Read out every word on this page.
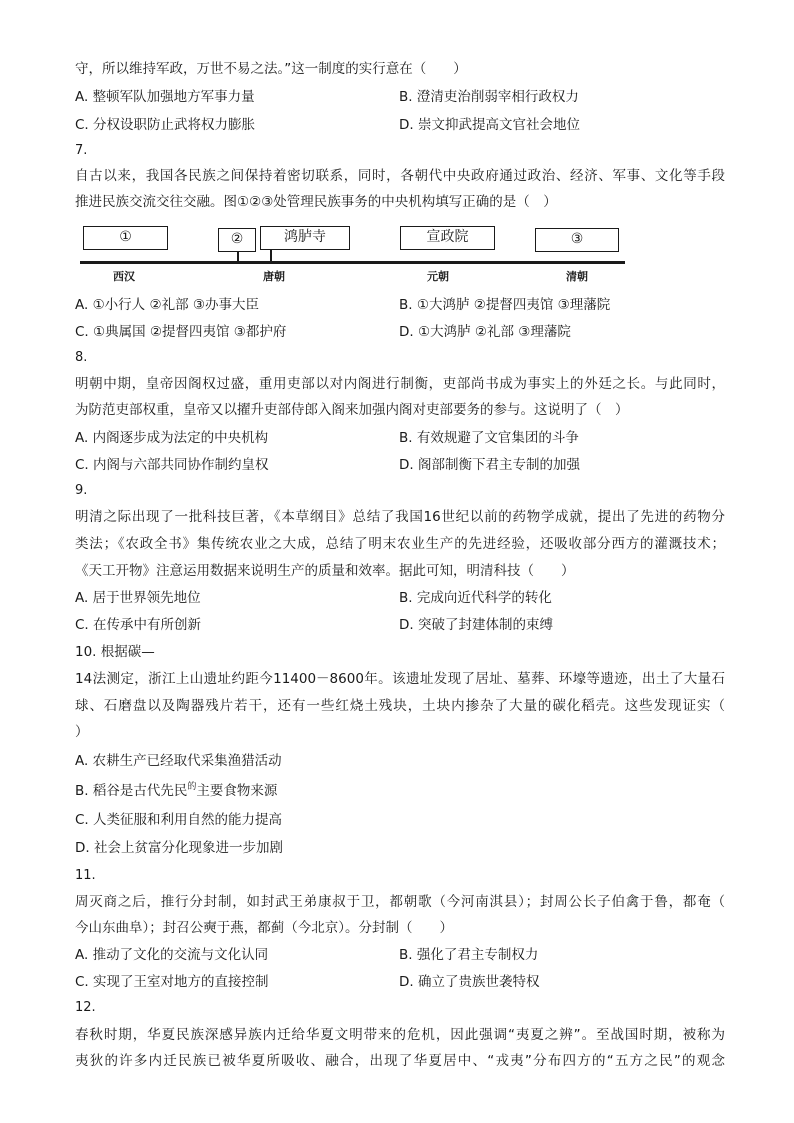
守，所以维持军政，万世不易之法。”这一制度的实行意在（　　）
A. 整顿军队加强地方军事力量	B. 澄清吏治削弱宰相行政权力
C. 分权设职防止武将权力膨胀	D. 崇文抑武提高文官社会地位
7.
自古以来，我国各民族之间保持着密切联系，同时，各朝代中央政府通过政治、经济、军事、文化等手段
推进民族交流交往交融。图①②③处管理民族事务的中央机构填写正确的是（　）
①	②	鸿胪寺	宣政院	③
西汉	唐朝	元朝	清朝
A. ①小行人 ②礼部 ③办事大臣	B. ①大鸿胪 ②提督四夷馆 ③理藩院
C. ①典属国 ②提督四夷馆 ③都护府	D. ①大鸿胪 ②礼部 ③理藩院
8.
明朝中期，皇帝因阁权过盛，重用吏部以对内阁进行制衡，吏部尚书成为事实上的外廷之长。与此同时，
为防范吏部权重，皇帝又以擢升吏部侍郎入阁来加强内阁对吏部要务的参与。这说明了（　）
A. 内阁逐步成为法定的中央机构	B. 有效规避了文官集团的斗争
C. 内阁与六部共同协作制约皇权	D. 阁部制衡下君主专制的加强
9.
明清之际出现了一批科技巨著，《本草纲目》总结了我国16世纪以前的药物学成就，提出了先进的药物分
类法；《农政全书》集传统农业之大成，总结了明末农业生产的先进经验，还吸收部分西方的灌溉技术；
《天工开物》注意运用数据来说明生产的质量和效率。据此可知，明清科技（　　）
A. 居于世界领先地位	B. 完成向近代科学的转化
C. 在传承中有所创新	D. 突破了封建体制的束缚
10. 根据碳—
14法测定，浙江上山遗址约距今11400－8600年。该遗址发现了居址、墓葬、环壕等遗迹，出土了大量石
球、石磨盘以及陶器残片若干，还有一些红烧土残块，土块内掺杂了大量的碳化稻壳。这些发现证实（
）
A. 农耕生产已经取代采集渔猎活动
B. 稻谷是古代先民$^的$主要食物来源
C. 人类征服和利用自然的能力提高
D. 社会上贫富分化现象进一步加剧
11.
周灭商之后，推行分封制，如封武王弟康叔于卫，都朝歌（今河南淇县）；封周公长子伯禽于鲁，都奄（
今山东曲阜）；封召公奭于燕，都蓟（今北京）。分封制（　　）
A. 推动了文化的交流与文化认同	B. 强化了君主专制权力
C. 实现了王室对地方的直接控制	D. 确立了贵族世袭特权
12.
春秋时期，华夏民族深感异族内迁给华夏文明带来的危机，因此强调“夷夏之辨”。至战国时期，被称为
夷狄的许多内迁民族已被华夏所吸收、融合，出现了华夏居中、“戎夷”分布四方的“五方之民”的观念
